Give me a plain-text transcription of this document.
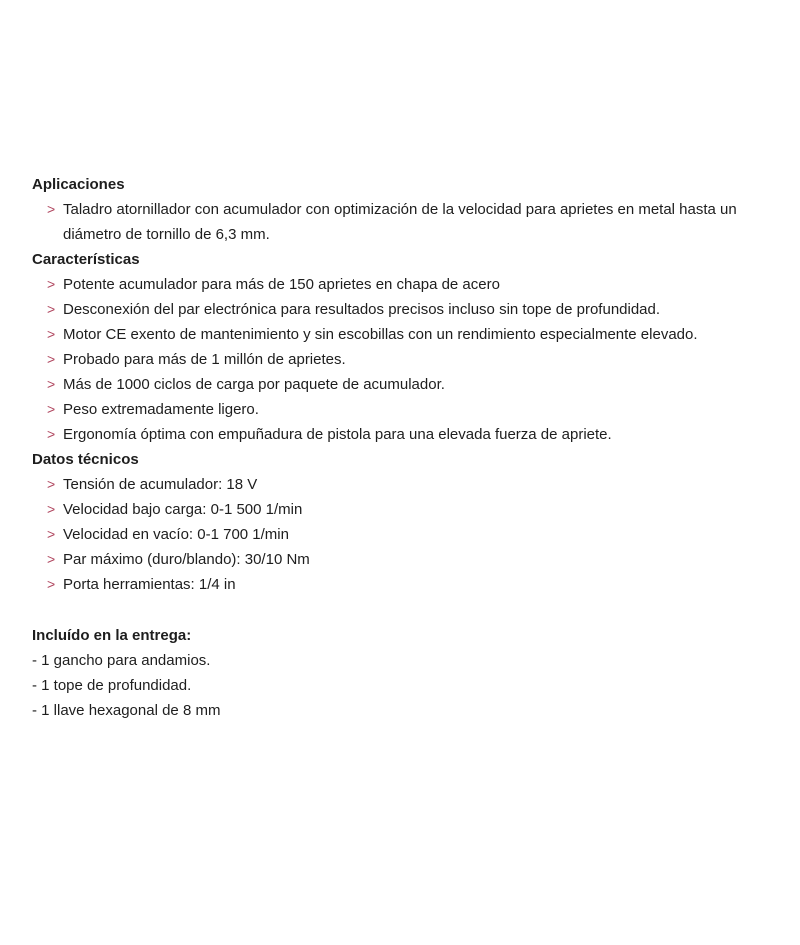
Aplicaciones
> Taladro atornillador con acumulador con optimización de la velocidad para aprietes en metal hasta un diámetro de tornillo de 6,3 mm.
Características
> Potente acumulador para más de 150 aprietes en chapa de acero
> Desconexión del par electrónica para resultados precisos incluso sin tope de profundidad.
> Motor CE exento de mantenimiento y sin escobillas con un rendimiento especialmente elevado.
> Probado para más de 1 millón de aprietes.
> Más de 1000 ciclos de carga por paquete de acumulador.
> Peso extremadamente ligero.
> Ergonomía óptima con empuñadura de pistola para una elevada fuerza de apriete.
Datos técnicos
> Tensión de acumulador: 18 V
> Velocidad bajo carga: 0-1 500 1/min
> Velocidad en vacío: 0-1 700 1/min
> Par máximo (duro/blando): 30/10 Nm
> Porta herramientas: 1/4 in
Incluído en la entrega:
- 1 gancho para andamios.
- 1 tope de profundidad.
- 1 llave hexagonal de 8 mm
